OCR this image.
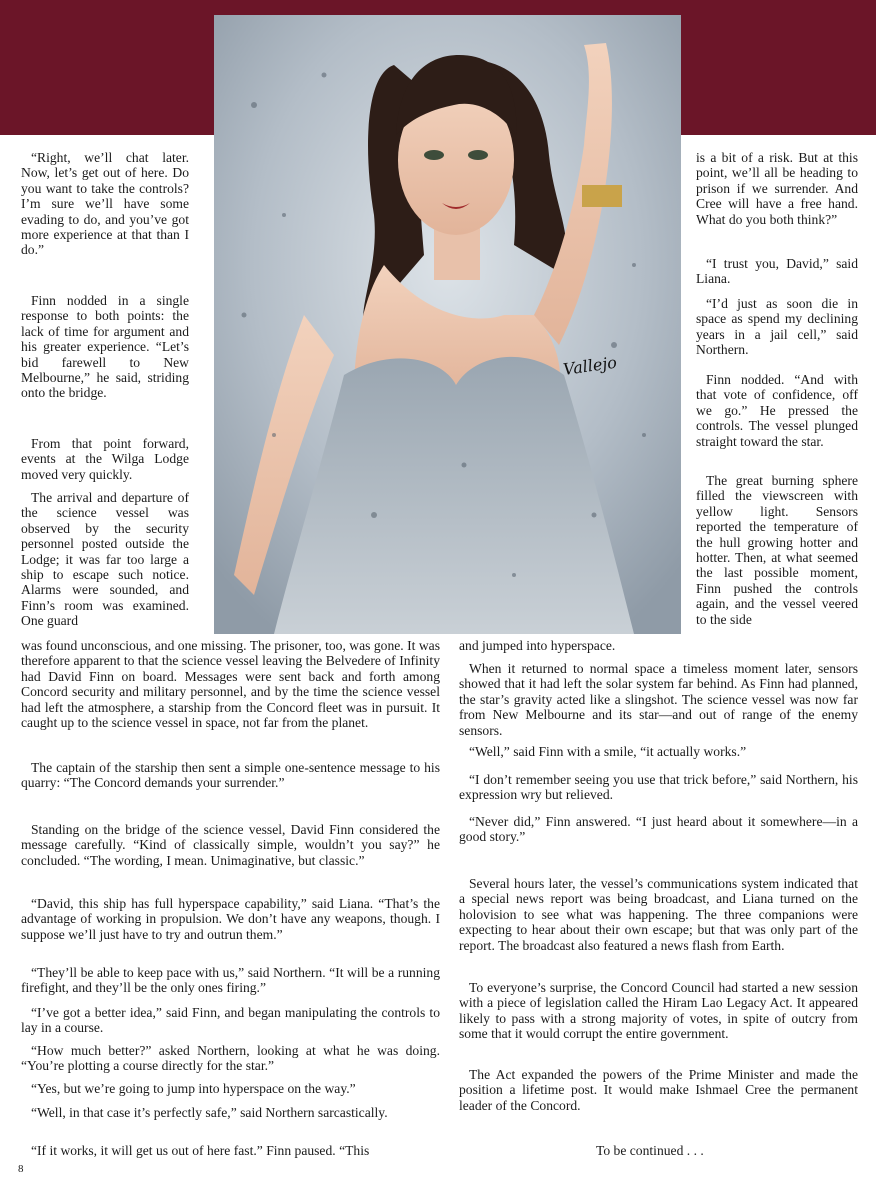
Vallejo

“Right, we’ll chat later. Now, let’s get out of here. Do you want to take the controls? I’m sure we’ll have some evading to do, and you’ve got more experience at that than I do.”

Finn nodded in a single response to both points: the lack of time for argument and his greater experience. “Let’s bid farewell to New Melbourne,” he said, striding onto the bridge.

From that point forward, events at the Wilga Lodge moved very quickly.

The arrival and departure of the science vessel was observed by the security personnel posted outside the Lodge; it was far too large a ship to escape such notice. Alarms were sounded, and Finn’s room was examined. One guard

was found unconscious, and one missing. The prisoner, too, was gone. It was therefore apparent to that the science vessel leaving the Belvedere of Infinity had David Finn on board. Messages were sent back and forth among Concord security and military personnel, and by the time the science vessel had left the atmosphere, a starship from the Concord fleet was in pursuit. It caught up to the science vessel in space, not far from the planet.

The captain of the starship then sent a simple one-sentence message to his quarry: “The Concord demands your surrender.”

Standing on the bridge of the science vessel, David Finn considered the message carefully. “Kind of classically simple, wouldn’t you say?” he concluded. “The wording, I mean. Unimaginative, but classic.”

“David, this ship has full hyperspace capability,” said Liana. “That’s the advantage of working in propulsion. We don’t have any weapons, though. I suppose we’ll just have to try and outrun them.”

“They’ll be able to keep pace with us,” said Northern. “It will be a running firefight, and they’ll be the only ones firing.”

“I’ve got a better idea,” said Finn, and began manipulating the controls to lay in a course.

“How much better?” asked Northern, looking at what he was doing. “You’re plotting a course directly for the star.”

“Yes, but we’re going to jump into hyperspace on the way.”

“Well, in that case it’s perfectly safe,” said Northern sarcastically.

“If it works, it will get us out of here fast.” Finn paused. “This

is a bit of a risk. But at this point, we’ll all be heading to prison if we surrender. And Cree will have a free hand. What do you both think?”

“I trust you, David,” said Liana.

“I’d just as soon die in space as spend my declining years in a jail cell,” said Northern.

Finn nodded. “And with that vote of confidence, off we go.” He pressed the controls. The vessel plunged straight toward the star.

The great burning sphere filled the viewscreen with yellow light. Sensors reported the temperature of the hull growing hotter and hotter. Then, at what seemed the last possible moment, Finn pushed the controls again, and the vessel veered to the side

and jumped into hyperspace.

When it returned to normal space a timeless moment later, sensors showed that it had left the solar system far behind. As Finn had planned, the star’s gravity acted like a slingshot. The science vessel was now far from New Melbourne and its star—and out of range of the enemy sensors.

“Well,” said Finn with a smile, “it actually works.”

“I don’t remember seeing you use that trick before,” said Northern, his expression wry but relieved.

“Never did,” Finn answered. “I just heard about it somewhere—in a good story.”

Several hours later, the vessel’s communications system indicated that a special news report was being broadcast, and Liana turned on the holovision to see what was happening. The three companions were expecting to hear about their own escape; but that was only part of the report. The broadcast also featured a news flash from Earth.

To everyone’s surprise, the Concord Council had started a new session with a piece of legislation called the Hiram Lao Legacy Act. It appeared likely to pass with a strong majority of votes, in spite of outcry from some that it would corrupt the entire government.

The Act expanded the powers of the Prime Minister and made the position a lifetime post. It would make Ishmael Cree the permanent leader of the Concord.

To be continued . . .
8
